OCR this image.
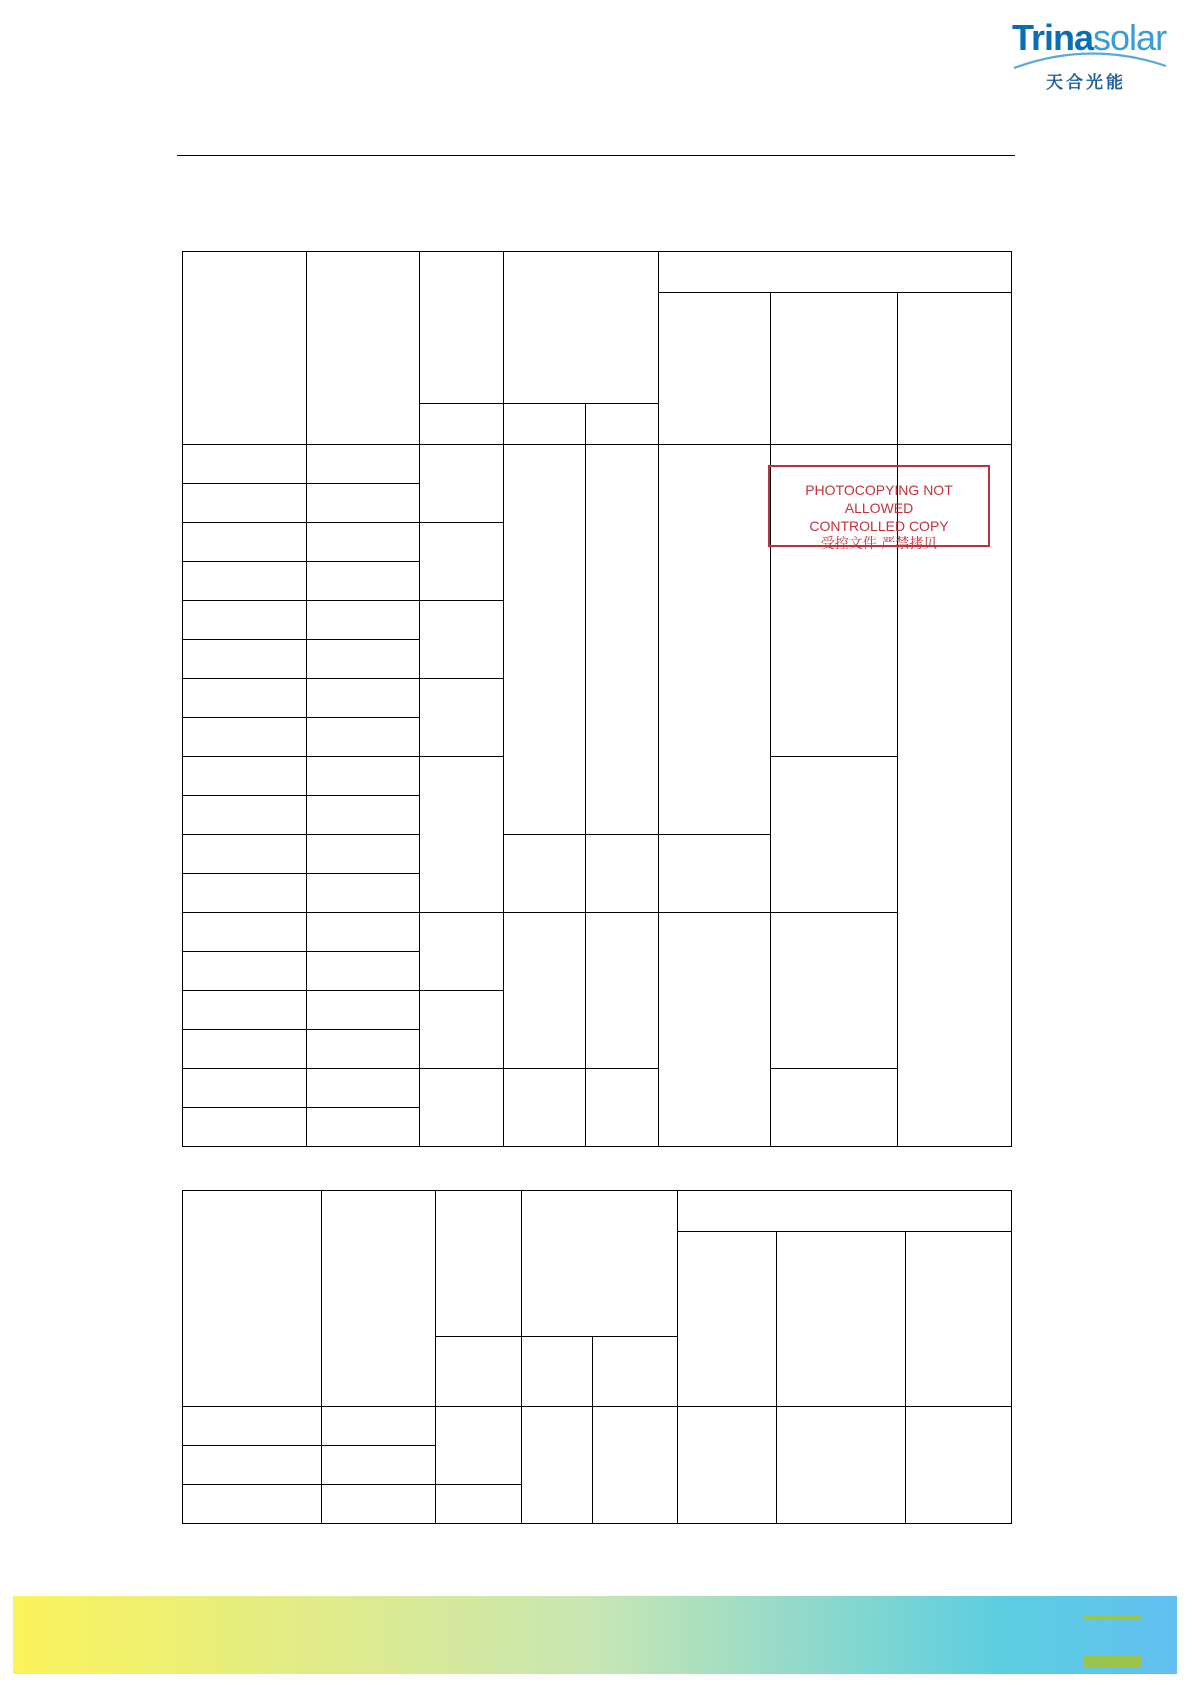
Trinasolar
天合光能

PHOTOCOPYING NOT ALLOWED
CONTROLLED COPY
受控文件 严禁拷贝
